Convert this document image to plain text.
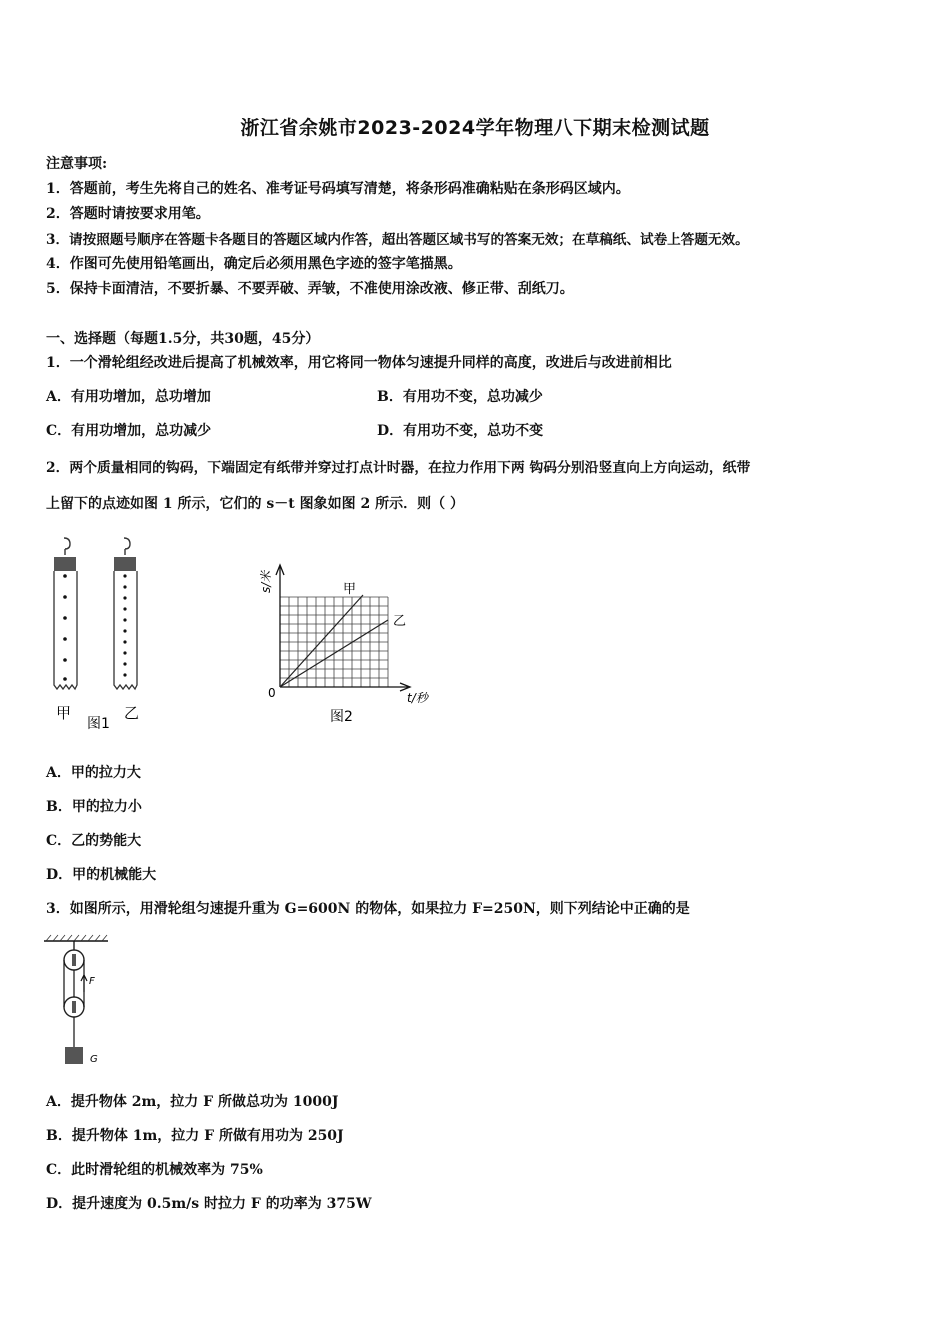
浙江省余姚市2023-2024学年物理八下期末检测试题
注意事项:
1．答题前，考生先将自己的姓名、准考证号码填写清楚，将条形码准确粘贴在条形码区域内。
2．答题时请按要求用笔。
3．请按照题号顺序在答题卡各题目的答题区域内作答，超出答题区域书写的答案无效；在草稿纸、试卷上答题无效。
4．作图可先使用铅笔画出，确定后必须用黑色字迹的签字笔描黑。
5．保持卡面清洁，不要折暴、不要弄破、弄皱，不准使用涂改液、修正带、刮纸刀。
一、选择题（每题1.5分，共30题，45分）
1．一个滑轮组经改进后提高了机械效率，用它将同一物体匀速提升同样的高度，改进后与改进前相比
A．有用功增加，总功增加	B．有用功不变，总功减少
C．有用功增加，总功减少	D．有用功不变，总功不变
2．两个质量相同的钩码，下端固定有纸带并穿过打点计时器，在拉力作用下两 钩码分别沿竖直向上方向运动，纸带
上留下的点迹如图 1 所示，它们的 s－t 图象如图 2 所示．则（ ）
甲	乙
图1
甲
乙
0
s/米
t/秒
图2
A．甲的拉力大
B．甲的拉力小
C．乙的势能大
D．甲的机械能大
3．如图所示，用滑轮组匀速提升重为 G=600N 的物体，如果拉力 F=250N，则下列结论中正确的是
F
G
A．提升物体 2m，拉力 F 所做总功为 1000J
B．提升物体 1m，拉力 F 所做有用功为 250J
C．此时滑轮组的机械效率为 75%
D．提升速度为 0.5m/s 时拉力 F 的功率为 375W
